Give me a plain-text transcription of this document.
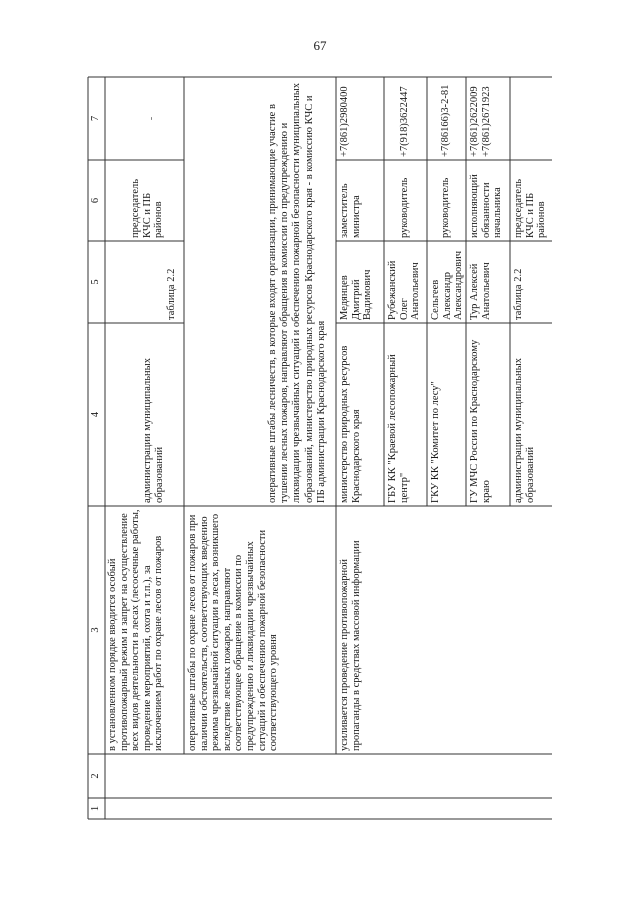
67
1
2
3
4
5
6
7
в установленном порядке вводится особый противопожарный режим и запрет на осуществление всех видов деятельности в лесах (лесосечные работы, проведение мероприятий, охота и т.п.), за исключением работ по охране лесов от пожаров
администрации муниципальных образований
таблица 2.2
председатель КЧС и ПБ районов
-
оперативные штабы по охране лесов от пожаров при наличии обстоятельств, соответствующих введению режима чрезвычайной ситуации в лесах, возникшего вследствие лесных пожаров, направляют соответствующее обращение в комиссии по предупреждению и ликвидации чрезвычайных ситуаций и обеспечению пожарной безопасности соответствующего уровня
оперативные штабы лесничеств, в которые входят организации, принимающие участие в тушении лесных пожаров, направляют обращения в комиссии по предупреждению и ликвидации чрезвычайных ситуаций и обеспечению пожарной безопасности муниципальных образований, министерство природных ресурсов Краснодарского края - в комиссию КЧС и ПБ администрации Краснодарского края
усиливается проведение противопожарной пропаганды в средствах массовой информации
министерство природных ресурсов Краснодарского края
Медянцев Дмитрий Вадимович
заместитель министра
+7(861)2980400
ГБУ КК "Краевой лесопожарный центр"
Рубежанский Олег Анатольевич
руководитель
+7(918)3622447
ГКУ КК "Комитет по лесу"
Сельгеев Александр Александрович
руководитель
+7(86166)3-2-81
ГУ МЧС России по Краснодарскому краю
Тур Алексей Анатольевич
исполняющий обязанности начальника
+7(861)2622009 +7(861)2671923
администрации муниципальных образований
таблица 2.2
председатель КЧС и ПБ районов
